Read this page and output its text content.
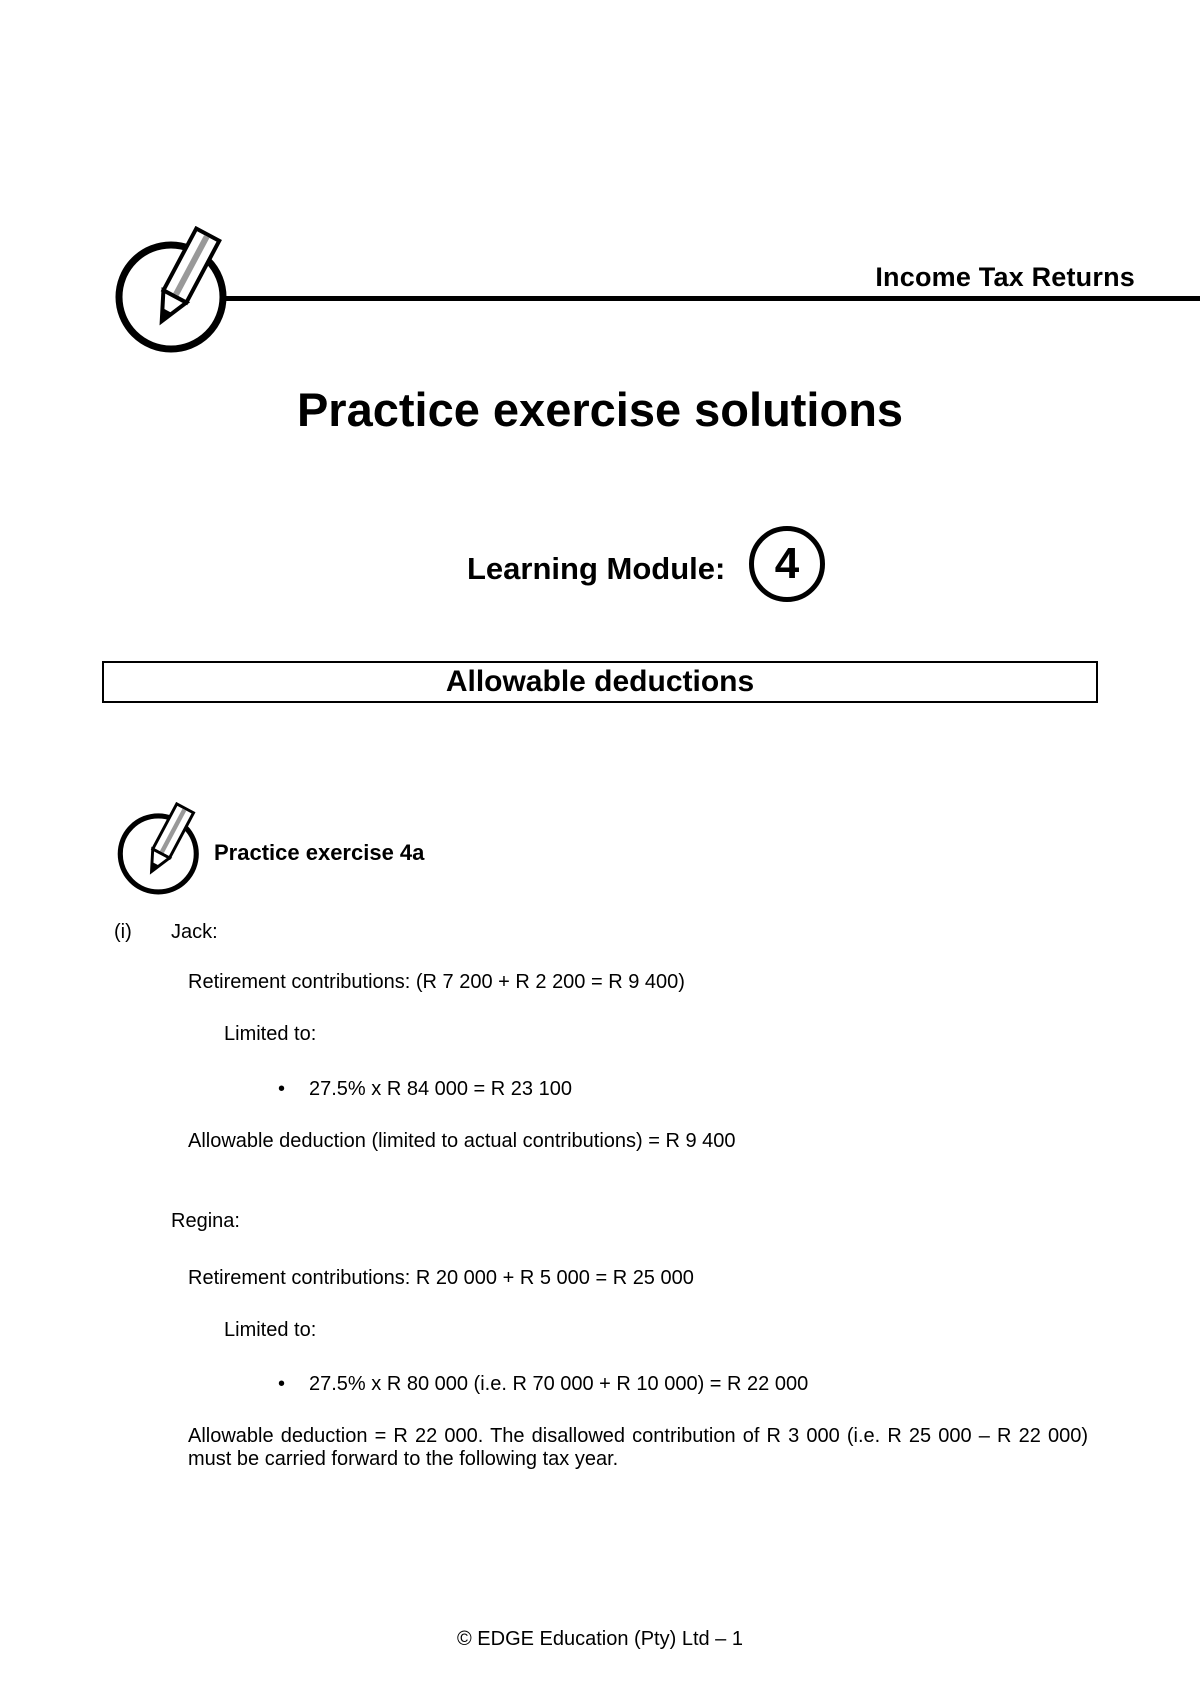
Income Tax Returns
Practice exercise solutions
Learning Module:	4
Allowable deductions
Practice exercise 4a
(i) Jack:
Retirement contributions: (R 7 200 + R 2 200 = R 9 400)
Limited to:
• 27.5% x R 84 000 = R 23 100
Allowable deduction (limited to actual contributions) = R 9 400
Regina:
Retirement contributions: R 20 000 + R 5 000 = R 25 000
Limited to:
• 27.5% x R 80 000 (i.e. R 70 000 + R 10 000) = R 22 000
Allowable deduction = R 22 000. The disallowed contribution of R 3 000 (i.e. R 25 000 – R 22 000) must be carried forward to the following tax year.
© EDGE Education (Pty) Ltd – 1
